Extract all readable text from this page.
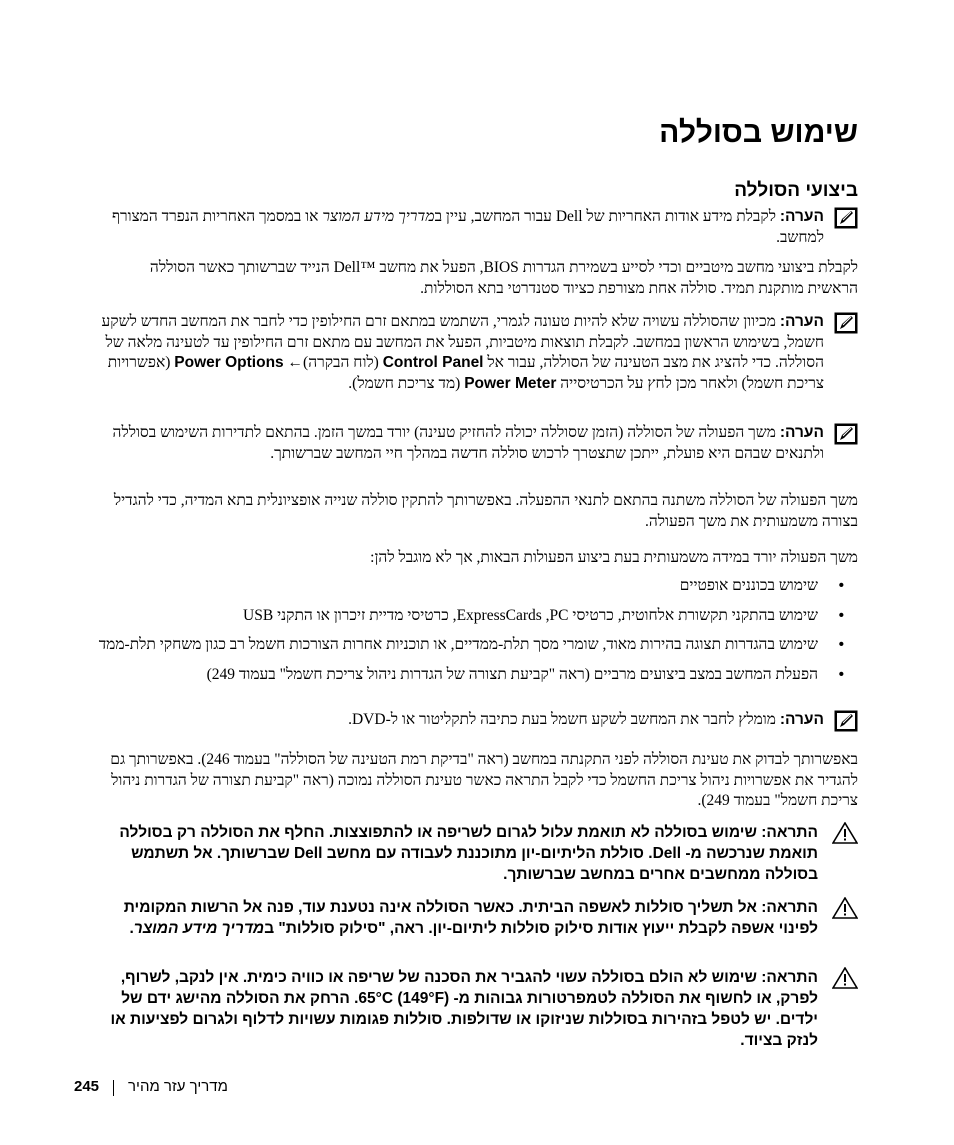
שימוש בסוללה
ביצועי הסוללה
הערה: לקבלת מידע אודות האחריות של Dell עבור המחשב, עיין במדריך מידע המוצר או במסמך האחריות הנפרד המצורף למחשב.

לקבלת ביצועי מחשב מיטביים וכדי לסייע בשמירת הגדרות BIOS, הפעל את מחשב ™Dell הנייד שברשותך כאשר הסוללה הראשית מותקנת תמיד. סוללה אחת מצורפת כציוד סטנדרטי בתא הסוללות.

הערה: מכיוון שהסוללה עשויה שלא להיות טעונה לגמרי, השתמש במתאם זרם החילופין כדי לחבר את המחשב החדש לשקע חשמל, בשימוש הראשון במחשב. לקבלת תוצאות מיטביות, הפעל את המחשב עם מתאם זרם החילופין עד לטעינה מלאה של הסוללה. כדי להציג את מצב הטעינה של הסוללה, עבור אל Control Panel (לוח הבקרה)← Power Options (אפשרויות צריכת חשמל) ולאחר מכן לחץ על הכרטיסייה Power Meter (מד צריכת חשמל).
הערה: משך הפעולה של הסוללה (הזמן שסוללה יכולה להחזיק טעינה) יורד במשך הזמן. בהתאם לתדירות השימוש בסוללה ולתנאים שבהם היא פועלת, ייתכן שתצטרך לרכוש סוללה חדשה במהלך חיי המחשב שברשותך.

משך הפעולה של הסוללה משתנה בהתאם לתנאי ההפעלה. באפשרותך להתקין סוללה שנייה אופציונלית בתא המדיה, כדי להגדיל בצורה משמעותית את משך הפעולה.

משך הפעולה יורד במידה משמעותית בעת ביצוע הפעולות הבאות, אך לא מוגבל להן:

• שימוש בכוננים אופטיים
• שימוש בהתקני תקשורת אלחוטית, כרטיסי ExpressCards ,PC, כרטיסי מדיית זיכרון או התקני USB
• שימוש בהגדרות תצוגה בהירות מאוד, שומרי מסך תלת-ממדיים, או תוכניות אחרות הצורכות חשמל רב כגון משחקי תלת-ממד
• הפעלת המחשב במצב ביצועים מרביים (ראה "קביעת תצורה של הגדרות ניהול צריכת חשמל" בעמוד 249)
הערה: מומלץ לחבר את המחשב לשקע חשמל בעת כתיבה לתקליטור או ל-DVD.

באפשרותך לבדוק את טעינת הסוללה לפני התקנתה במחשב (ראה "בדיקת רמת הטעינה של הסוללה" בעמוד 246). באפשרותך גם להגדיר את אפשרויות ניהול צריכת החשמל כדי לקבל התראה כאשר טעינת הסוללה נמוכה (ראה "קביעת תצורה של הגדרות ניהול צריכת חשמל" בעמוד 249).

התראה: שימוש בסוללה לא תואמת עלול לגרום לשריפה או להתפוצצות. החלף את הסוללה רק בסוללה תואמת שנרכשה מ- Dell. סוללת הליתיום-יון מתוכננת לעבודה עם מחשב Dell שברשותך. אל תשתמש בסוללה ממחשבים אחרים במחשב שברשותך.
התראה: אל תשליך סוללות לאשפה הביתית. כאשר הסוללה אינה נטענת עוד, פנה אל הרשות המקומית לפינוי אשפה לקבלת ייעוץ אודות סילוק סוללות ליתיום-יון. ראה, "סילוק סוללות" במדריך מידע המוצר.
התראה: שימוש לא הולם בסוללה עשוי להגביר את הסכנה של שריפה או כוויה כימית. אין לנקב, לשרוף, לפרק, או לחשוף את הסוללה לטמפרטורות גבוהות מ- 65°C (149°F). הרחק את הסוללה מהישג ידם של ילדים. יש לטפל בזהירות בסוללות שניזוקו או שדולפות. סוללות פגומות עשויות לדלוף ולגרום לפציעות או לנזק בציוד.
245 מדריך עזר מהיר
